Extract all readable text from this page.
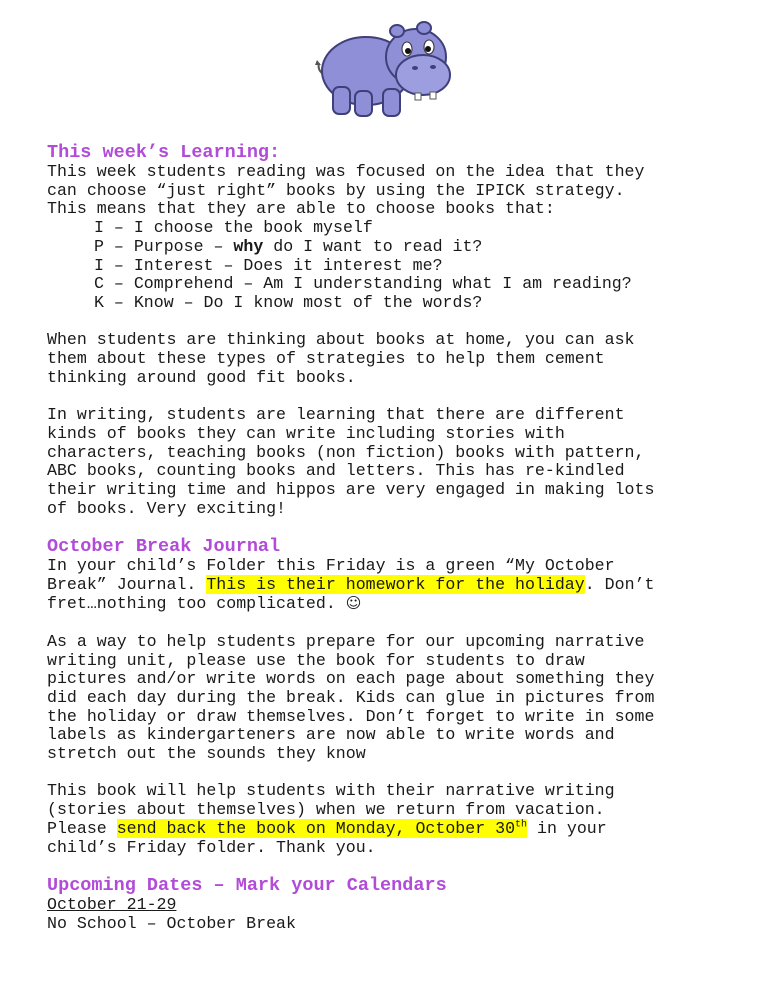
This week’s Learning:

This week students reading was focused on the idea that they

can choose “just right” books by using the IPICK strategy.

This means that they are able to choose books that:

I – I choose the book myself

P – Purpose – why do I want to read it?

I – Interest – Does it interest me?

C – Comprehend – Am I understanding what I am reading?

K – Know – Do I know most of the words?

When students are thinking about books at home, you can ask

them about these types of strategies to help them cement

thinking around good fit books.

In writing, students are learning that there are different

kinds of books they can write including stories with

characters, teaching books (non fiction) books with pattern,

ABC books, counting books and letters. This has re-kindled

their writing time and hippos are very engaged in making lots

of books. Very exciting!

October Break Journal

In your child’s Folder this Friday is a green “My October

Break” Journal. This is their homework for the holiday. Don’t

fret…nothing too complicated. ☺

As a way to help students prepare for our upcoming narrative

writing unit, please use the book for students to draw

pictures and/or write words on each page about something they

did each day during the break. Kids can glue in pictures from

the holiday or draw themselves. Don’t forget to write in some

labels as kindergarteners are now able to write words and

stretch out the sounds they know

This book will help students with their narrative writing

(stories about themselves) when we return from vacation.

Please send back the book on Monday, October 30th in your

child’s Friday folder. Thank you.

Upcoming Dates – Mark your Calendars

October 21-29

No School – October Break
